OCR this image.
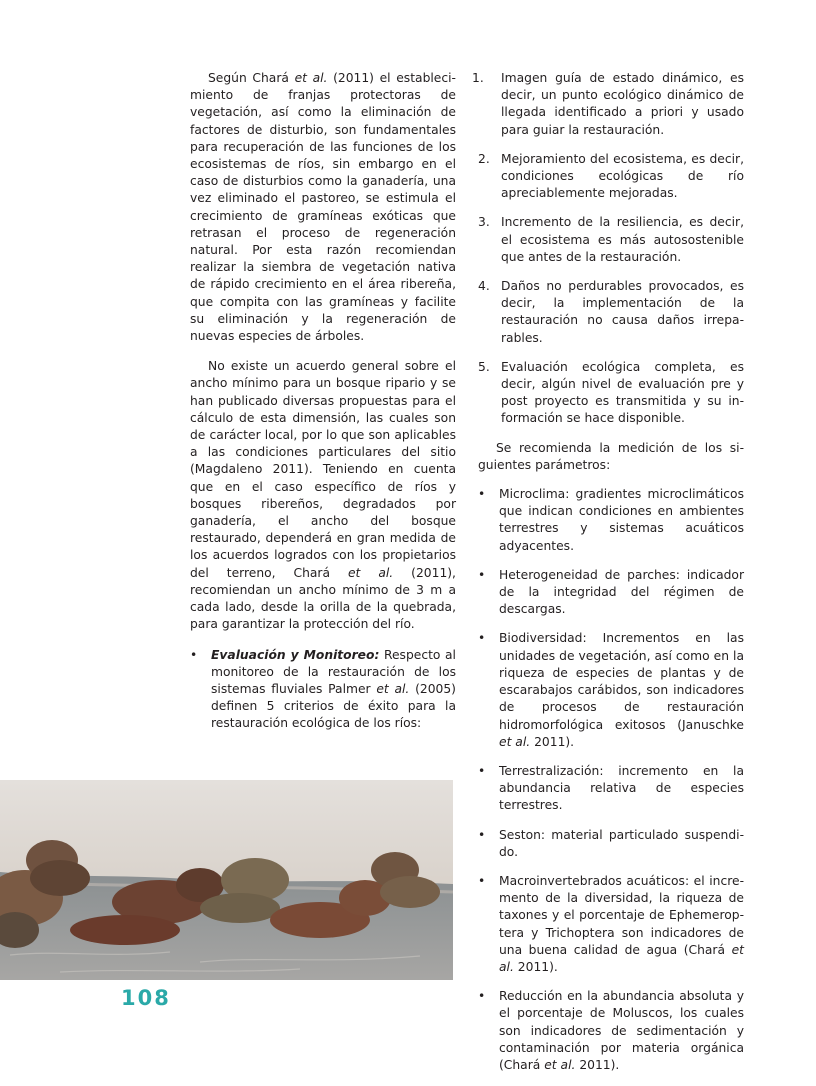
Según Chará et al. (2011) el establecimiento de franjas protectoras de vegetación, así como la eliminación de factores de disturbio, son fundamentales para recuperación de las funciones de los ecosistemas de ríos, sin embargo en el caso de disturbios como la ganadería, una vez eliminado el pastoreo, se estimula el crecimiento de gramíneas exóticas que retrasan el proceso de regeneración natural. Por esta razón recomiendan realizar la siembra de vegetación nativa de rápido crecimiento en el área ribereña, que compita con las gramíneas y facilite su eliminación y la regeneración de nuevas especies de árboles.

No existe un acuerdo general sobre el ancho mínimo para un bosque ripario y se han publicado diversas propuestas para el cálculo de esta dimensión, las cuales son de carácter local, por lo que son aplicables a las condiciones particulares del sitio (Magdaleno 2011). Teniendo en cuenta que en el caso específico de ríos y bosques ribereños, degradados por ganadería, el ancho del bosque restaurado, dependerá en gran medida de los acuerdos logrados con los propietarios del terreno, Chará et al. (2011), recomiendan un ancho mínimo de 3 m a cada lado, desde la orilla de la quebrada, para garantizar la protección del río.

•	Evaluación y Monitoreo: Respecto al monitoreo de la restauración de los sistemas fluviales Palmer et al. (2005) definen 5 criterios de éxito para la restauración ecológica de los ríos:
1.	Imagen guía de estado dinámico, es decir, un punto ecológico dinámico de llegada identificado a priori y usado para guiar la restauración.
2. Mejoramiento del ecosistema, es decir, condiciones ecológicas de río apreciablemente mejoradas.
3. Incremento de la resiliencia, es decir, el ecosistema es más autosostenible que antes de la restauración.
4. Daños no perdurables provocados, es decir, la implementación de la restauración no causa daños irreparables.
5. Evaluación ecológica completa, es decir, algún nivel de evaluación pre y post proyecto es transmitida y su información se hace disponible.

Se recomienda la medición de los siguientes parámetros:

•	Microclima: gradientes microclimáticos que indican condiciones en ambientes terrestres y sistemas acuáticos adyacentes.
•	Heterogeneidad de parches: indicador de la integridad del régimen de descargas.
•	Biodiversidad: Incrementos en las unidades de vegetación, así como en la riqueza de especies de plantas y de escarabajos carábidos, son indicadores de procesos de restauración hidromorfológica exitosos (Januschke et al. 2011).
•	Terrestralización: incremento en la abundancia relativa de especies terrestres.
•	Seston: material particulado suspendido.
•	Macroinvertebrados acuáticos: el incremento de la diversidad, la riqueza de taxones y el porcentaje de Ephemeroptera y Trichoptera son indicadores de una buena calidad de agua (Chará et al. 2011).
•	Reducción en la abundancia absoluta y el porcentaje de Moluscos, los cuales son indicadores de sedimentación y contaminación por materia orgánica (Chará et al. 2011).
108
